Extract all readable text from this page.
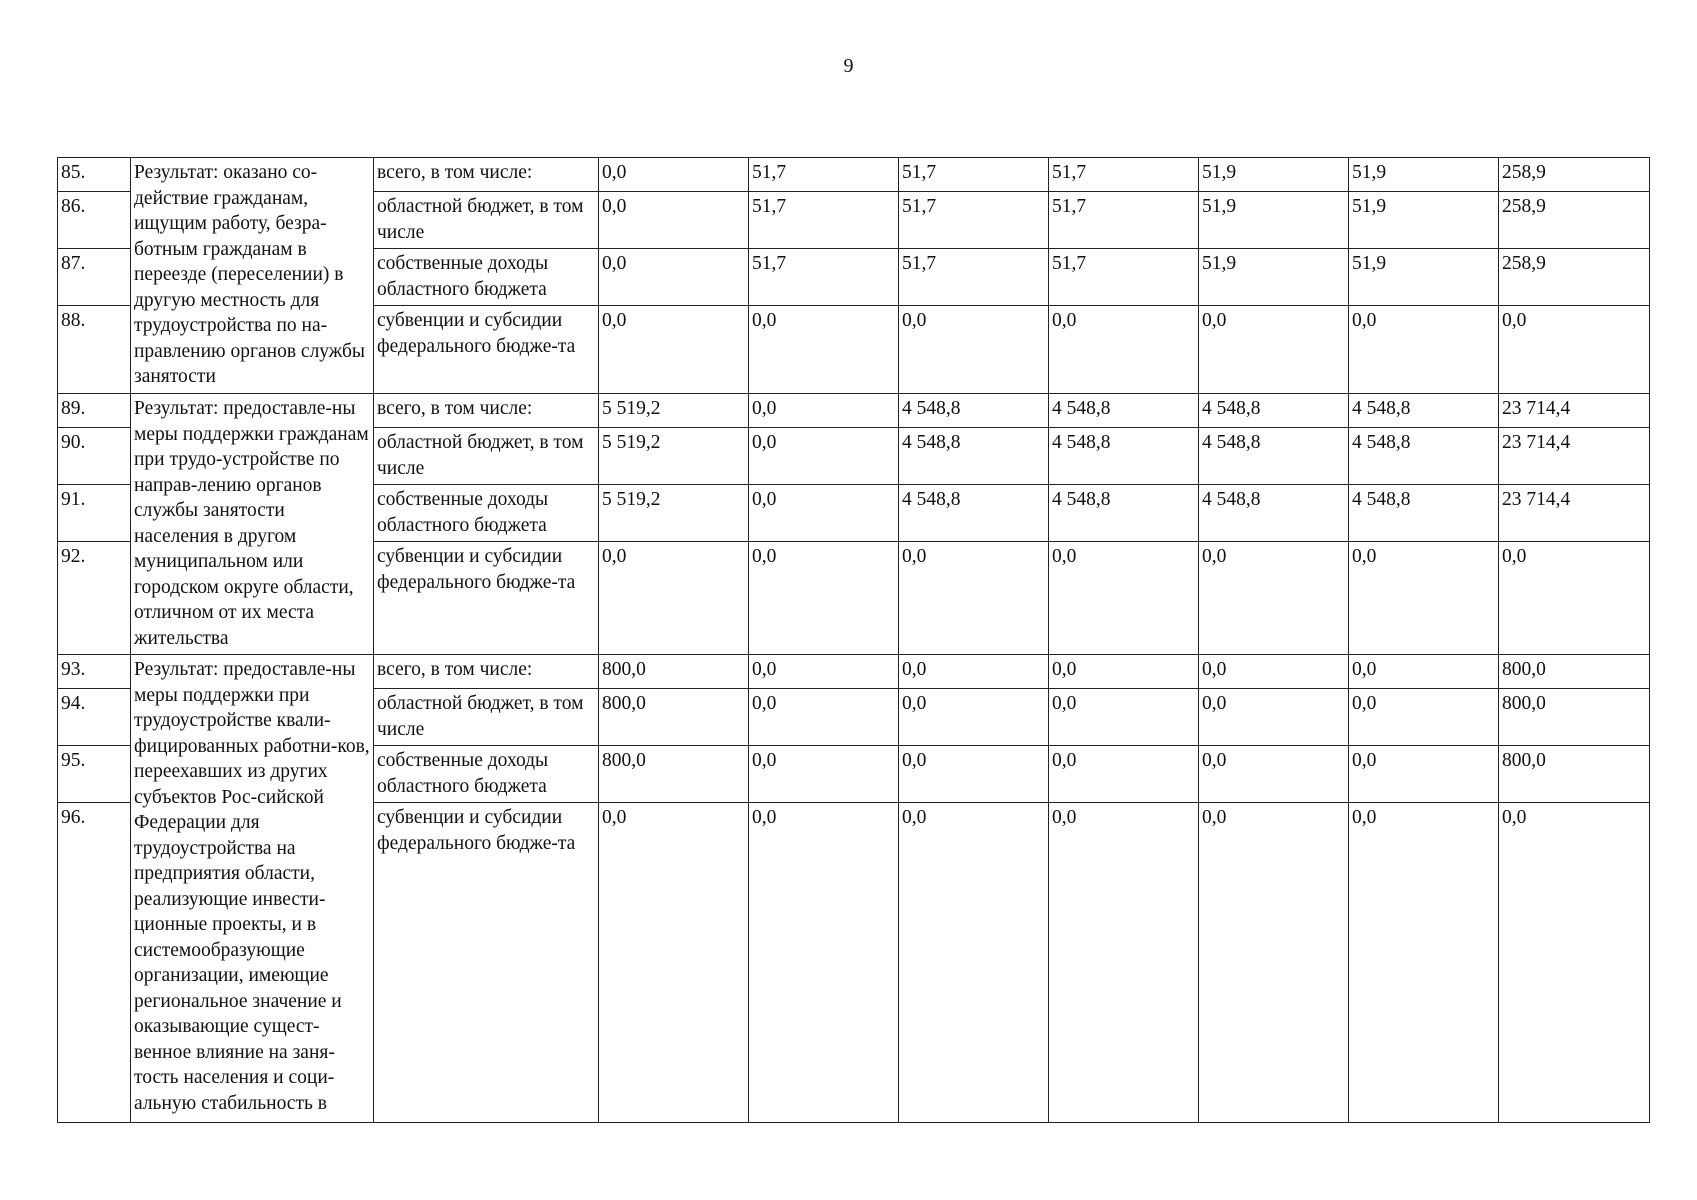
9
85.	Результат: оказано со-действие гражданам, ищущим работу, безра-ботным гражданам в переезде (переселении) в другую местность для трудоустройства по на-правлению органов службы занятости	всего, в том числе:	0,0	51,7	51,7	51,7	51,9	51,9	258,9
86.		областной бюджет, в том числе	0,0	51,7	51,7	51,7	51,9	51,9	258,9
87.		собственные доходы областного бюджета	0,0	51,7	51,7	51,7	51,9	51,9	258,9
88.		субвенции и субсидии федерального бюдже-та	0,0	0,0	0,0	0,0	0,0	0,0	0,0
89.	Результат: предоставле-ны меры поддержки гражданам при трудо-устройстве по направ-лению органов службы занятости населения в другом муниципальном или городском округе области, отличном от их места жительства	всего, в том числе:	5 519,2	0,0	4 548,8	4 548,8	4 548,8	4 548,8	23 714,4
90.		областной бюджет, в том числе	5 519,2	0,0	4 548,8	4 548,8	4 548,8	4 548,8	23 714,4
91.		собственные доходы областного бюджета	5 519,2	0,0	4 548,8	4 548,8	4 548,8	4 548,8	23 714,4
92.		субвенции и субсидии федерального бюдже-та	0,0	0,0	0,0	0,0	0,0	0,0	0,0
93.	Результат: предоставле-ны меры поддержки при трудоустройстве квали-фицированных работни-ков, переехавших из других субъектов Рос-сийской Федерации для трудоустройства на предприятия области, реализующие инвести-ционные проекты, и в системообразующие организации, имеющие региональное значение и оказывающие сущест-венное влияние на заня-тость населения и соци-альную стабильность в	всего, в том числе:	800,0	0,0	0,0	0,0	0,0	0,0	800,0
94.		областной бюджет, в том числе	800,0	0,0	0,0	0,0	0,0	0,0	800,0
95.		собственные доходы областного бюджета	800,0	0,0	0,0	0,0	0,0	0,0	800,0
96.		субвенции и субсидии федерального бюдже-та	0,0	0,0	0,0	0,0	0,0	0,0	0,0
